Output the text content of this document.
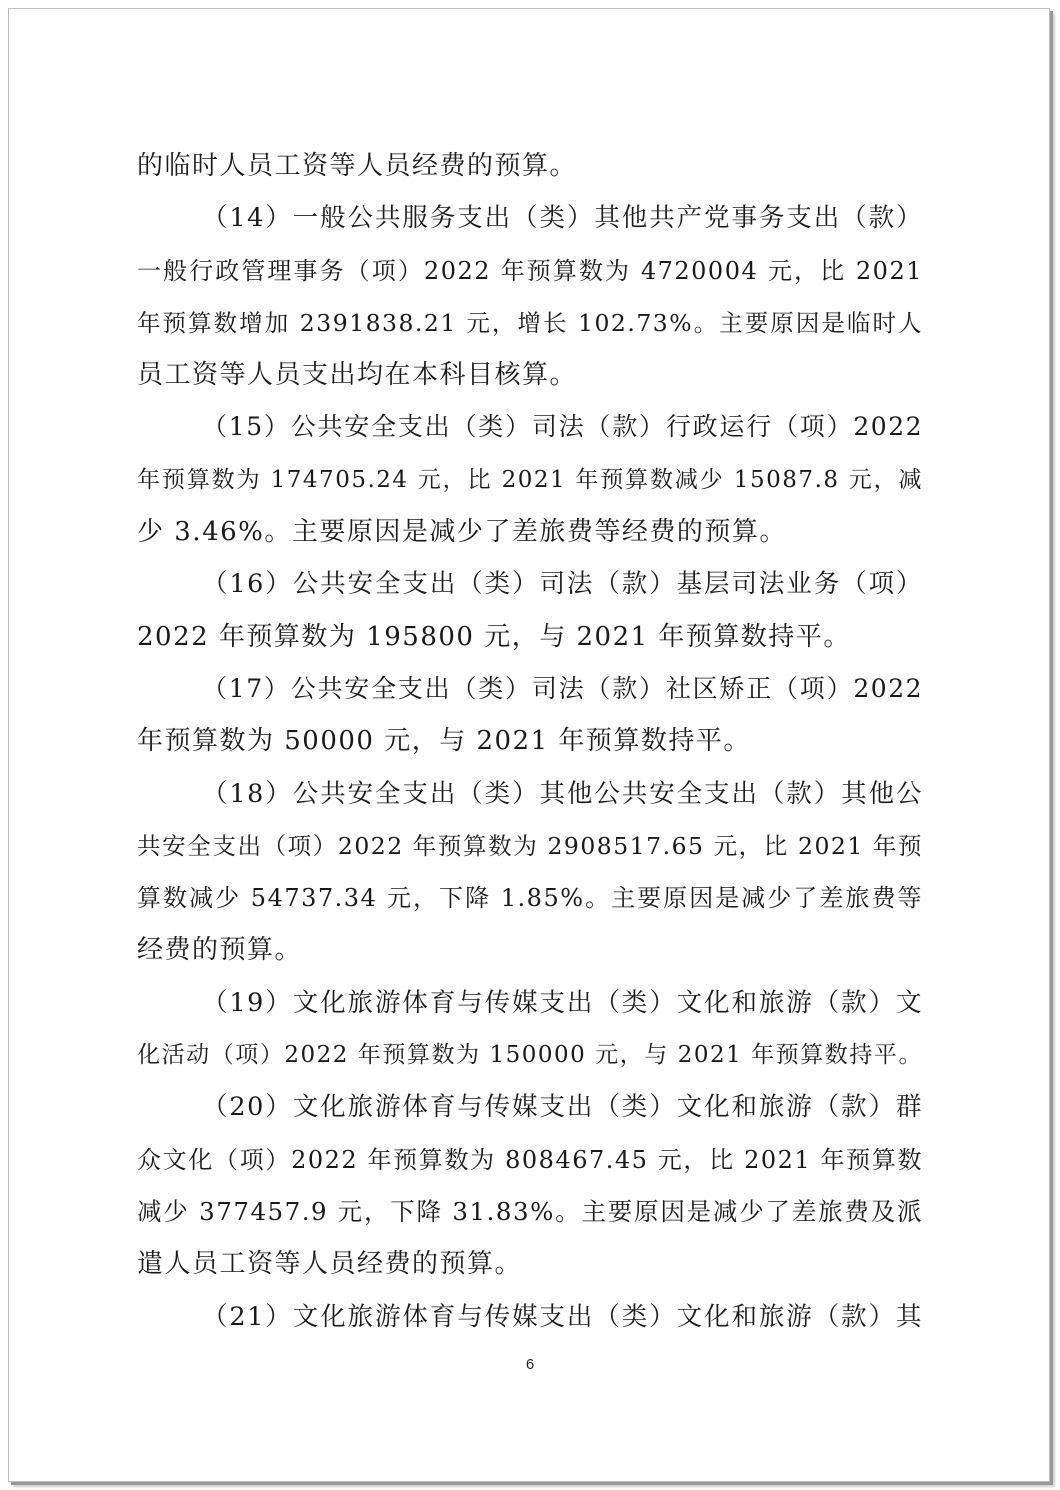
的临时人员工资等人员经费的预算。
（14）一般公共服务支出（类）其他共产党事务支出（款）
一般行政管理事务（项）2022 年预算数为 4720004 元，比 2021
年预算数增加 2391838.21 元，增长 102.73%。主要原因是临时人
员工资等人员支出均在本科目核算。
（15）公共安全支出（类）司法（款）行政运行（项）2022
年预算数为 174705.24 元，比 2021 年预算数减少 15087.8 元，减
少 3.46%。主要原因是减少了差旅费等经费的预算。
（16）公共安全支出（类）司法（款）基层司法业务（项）
2022 年预算数为 195800 元，与 2021 年预算数持平。
（17）公共安全支出（类）司法（款）社区矫正（项）2022
年预算数为 50000 元，与 2021 年预算数持平。
（18）公共安全支出（类）其他公共安全支出（款）其他公
共安全支出（项）2022 年预算数为 2908517.65 元，比 2021 年预
算数减少 54737.34 元，下降 1.85%。主要原因是减少了差旅费等
经费的预算。
（19）文化旅游体育与传媒支出（类）文化和旅游（款）文
化活动（项）2022 年预算数为 150000 元，与 2021 年预算数持平。
（20）文化旅游体育与传媒支出（类）文化和旅游（款）群
众文化（项）2022 年预算数为 808467.45 元，比 2021 年预算数
减少 377457.9 元，下降 31.83%。主要原因是减少了差旅费及派
遣人员工资等人员经费的预算。
（21）文化旅游体育与传媒支出（类）文化和旅游（款）其
6
